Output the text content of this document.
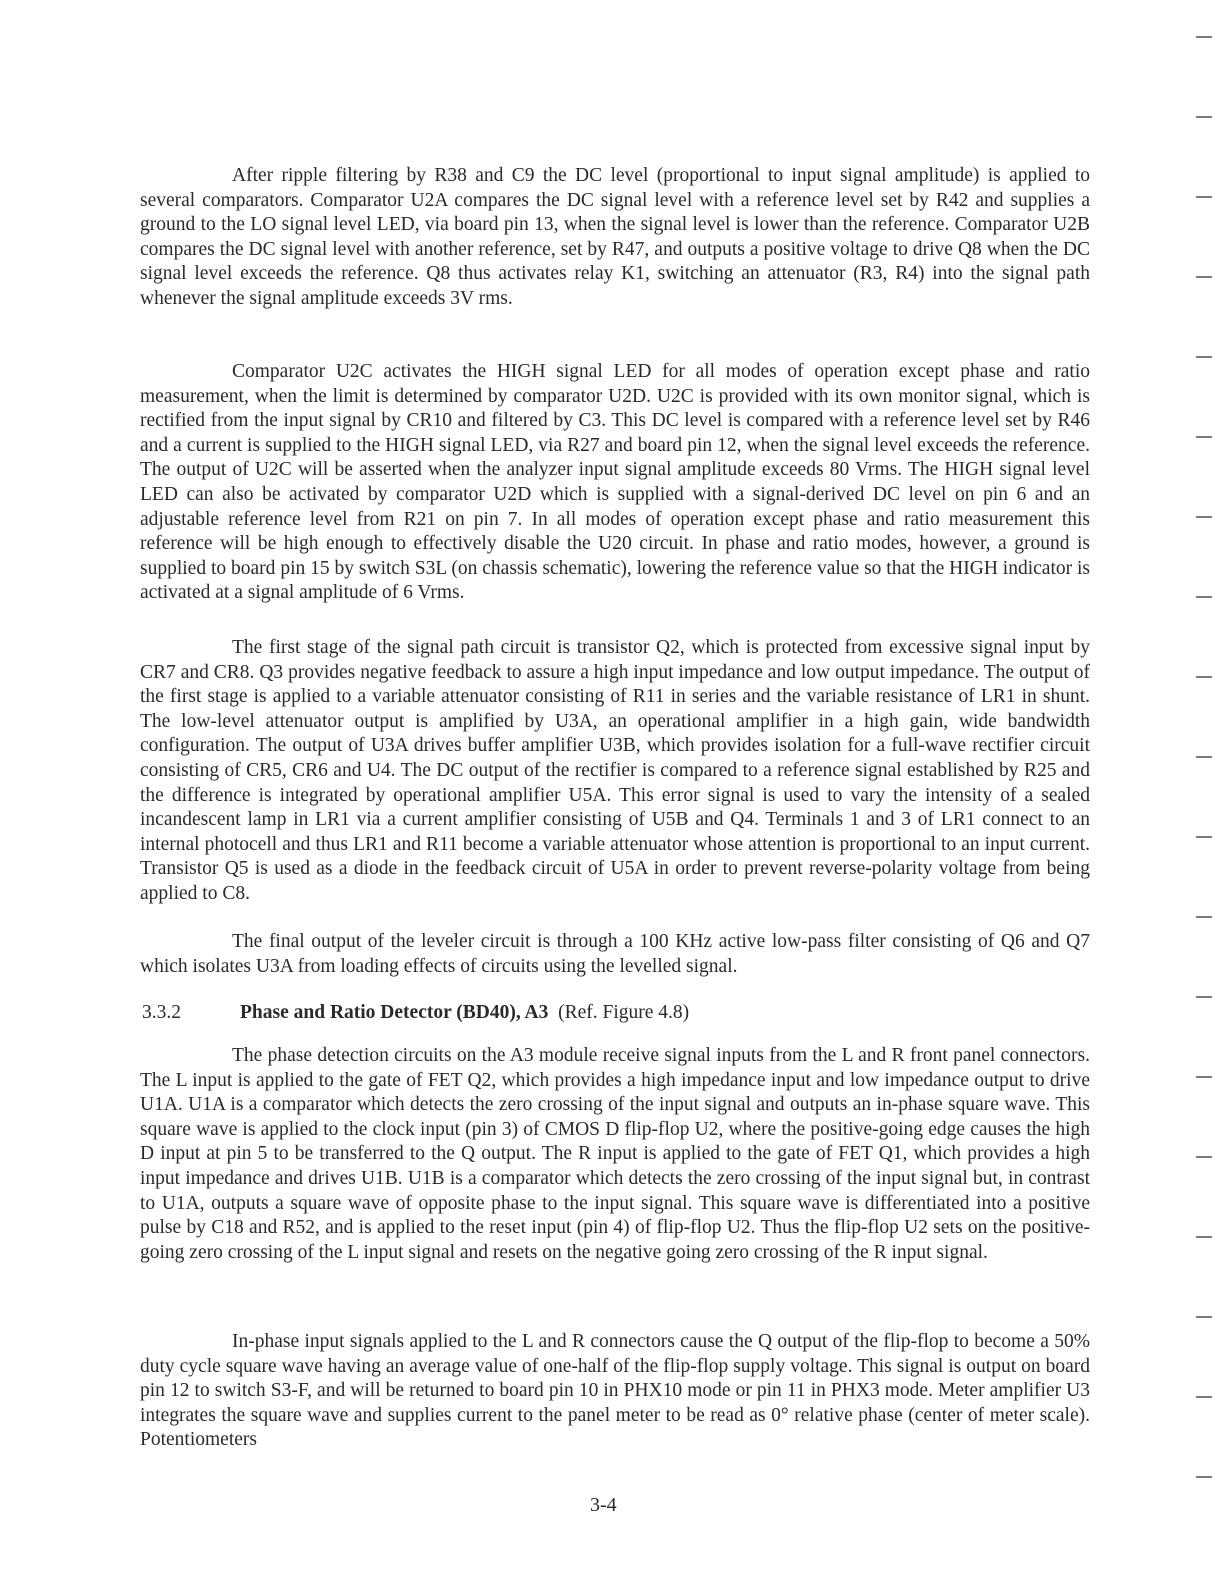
After ripple filtering by R38 and C9 the DC level (proportional to input signal amplitude) is applied to several comparators. Comparator U2A compares the DC signal level with a reference level set by R42 and supplies a ground to the LO signal level LED, via board pin 13, when the signal level is lower than the reference. Comparator U2B compares the DC signal level with another reference, set by R47, and outputs a positive voltage to drive Q8 when the DC signal level exceeds the reference. Q8 thus activates relay K1, switching an attenuator (R3, R4) into the signal path whenever the signal amplitude exceeds 3V rms.

Comparator U2C activates the HIGH signal LED for all modes of operation except phase and ratio measurement, when the limit is determined by comparator U2D. U2C is provided with its own monitor signal, which is rectified from the input signal by CR10 and filtered by C3. This DC level is compared with a reference level set by R46 and a current is supplied to the HIGH signal LED, via R27 and board pin 12, when the signal level exceeds the reference. The output of U2C will be asserted when the analyzer input signal amplitude exceeds 80 Vrms. The HIGH signal level LED can also be activated by comparator U2D which is supplied with a signal-derived DC level on pin 6 and an adjustable reference level from R21 on pin 7. In all modes of operation except phase and ratio measurement this reference will be high enough to effectively disable the U20 circuit. In phase and ratio modes, however, a ground is supplied to board pin 15 by switch S3L (on chassis schematic), lowering the reference value so that the HIGH indicator is activated at a signal amplitude of 6 Vrms.

The first stage of the signal path circuit is transistor Q2, which is protected from excessive signal input by CR7 and CR8. Q3 provides negative feedback to assure a high input impedance and low output impedance. The output of the first stage is applied to a variable attenuator consisting of R11 in series and the variable resistance of LR1 in shunt. The low-level attenuator output is amplified by U3A, an operational amplifier in a high gain, wide bandwidth configuration. The output of U3A drives buffer amplifier U3B, which provides isolation for a full-wave rectifier circuit consisting of CR5, CR6 and U4. The DC output of the rectifier is compared to a reference signal established by R25 and the difference is integrated by operational amplifier U5A. This error signal is used to vary the intensity of a sealed incandescent lamp in LR1 via a current amplifier consisting of U5B and Q4. Terminals 1 and 3 of LR1 connect to an internal photocell and thus LR1 and R11 become a variable attenuator whose attention is proportional to an input current. Transistor Q5 is used as a diode in the feedback circuit of U5A in order to prevent reverse-polarity voltage from being applied to C8.

The final output of the leveler circuit is through a 100 KHz active low-pass filter consisting of Q6 and Q7 which isolates U3A from loading effects of circuits using the levelled signal.

3.3.2	Phase and Ratio Detector (BD40), A3 (Ref. Figure 4.8)

The phase detection circuits on the A3 module receive signal inputs from the L and R front panel connectors. The L input is applied to the gate of FET Q2, which provides a high impedance input and low impedance output to drive U1A. U1A is a comparator which detects the zero crossing of the input signal and outputs an in-phase square wave. This square wave is applied to the clock input (pin 3) of CMOS D flip-flop U2, where the positive-going edge causes the high D input at pin 5 to be transferred to the Q output. The R input is applied to the gate of FET Q1, which provides a high input impedance and drives U1B. U1B is a comparator which detects the zero crossing of the input signal but, in contrast to U1A, outputs a square wave of opposite phase to the input signal. This square wave is differentiated into a positive pulse by C18 and R52, and is applied to the reset input (pin 4) of flip-flop U2. Thus the flip-flop U2 sets on the positive-going zero crossing of the L input signal and resets on the negative going zero crossing of the R input signal.

In-phase input signals applied to the L and R connectors cause the Q output of the flip-flop to become a 50% duty cycle square wave having an average value of one-half of the flip-flop supply voltage. This signal is output on board pin 12 to switch S3-F, and will be returned to board pin 10 in PHX10 mode or pin 11 in PHX3 mode. Meter amplifier U3 integrates the square wave and supplies current to the panel meter to be read as 0° relative phase (center of meter scale). Potentiometers

3-4
